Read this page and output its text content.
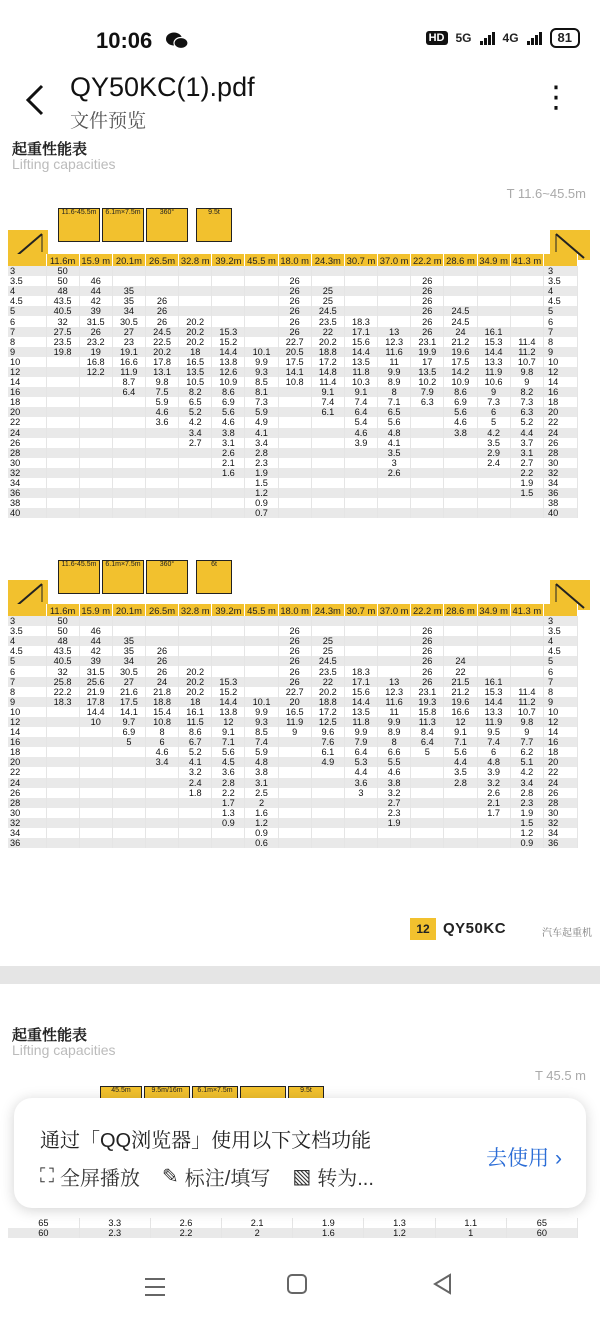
10:06	HD 5G	4G	81
QY50KC(1).pdf
文件预览
⋮
起重性能表
Lifting capacities
T 11.6~45.5m
11.6-45.5m	6.1m×7.5m	360°	9.5t
	11.6m	15.9 m	20.1m	26.5m	32.8 m	39.2m	45.5 m	18.0 m	24.3m	30.7 m	37.0 m	22.2 m	28.6 m	34.9 m	41.3 m	
3	50															3
3.5	50	46						26				26				3.5
4	48	44	35					26	25			26				4
4.5	43.5	42	35	26				26	25			26				4.5
5	40.5	39	34	26				26	24.5			26	24.5			5
6	32	31.5	30.5	26	20.2			26	23.5	18.3		26	24.5			6
7	27.5	26	27	24.5	20.2	15.3		26	22	17.1	13	26	24	16.1		7
8	23.5	23.2	23	22.5	20.2	15.2		22.7	20.2	15.6	12.3	23.1	21.2	15.3	11.4	8
9	19.8	19	19.1	20.2	18	14.4	10.1	20.5	18.8	14.4	11.6	19.9	19.6	14.4	11.2	9
10		16.8	16.6	17.8	16.5	13.8	9.9	17.5	17.2	13.5	11	17	17.5	13.3	10.7	10
12		12.2	11.9	13.1	13.5	12.6	9.3	14.1	14.8	11.8	9.9	13.5	14.2	11.9	9.8	12
14			8.7	9.8	10.5	10.9	8.5	10.8	11.4	10.3	8.9	10.2	10.9	10.6	9	14
16			6.4	7.5	8.2	8.6	8.1		9.1	9.1	8	7.9	8.6	9	8.2	16
18				5.9	6.5	6.9	7.3		7.4	7.4	7.1	6.3	6.9	7.3	7.3	18
20				4.6	5.2	5.6	5.9		6.1	6.4	6.5		5.6	6	6.3	20
22				3.6	4.2	4.6	4.9			5.4	5.6		4.6	5	5.2	22
24					3.4	3.8	4.1			4.6	4.8		3.8	4.2	4.4	24
26					2.7	3.1	3.4			3.9	4.1			3.5	3.7	26
28						2.6	2.8				3.5			2.9	3.1	28
30						2.1	2.3				3			2.4	2.7	30
32						1.6	1.9				2.6				2.2	32
34							1.5								1.9	34
36							1.2								1.5	36
38							0.9									38
40							0.7									40
11.6-45.5m	6.1m×7.5m	360°	6t
	11.6m	15.9 m	20.1m	26.5m	32.8 m	39.2m	45.5 m	18.0 m	24.3m	30.7 m	37.0 m	22.2 m	28.6 m	34.9 m	41.3 m	
3	50															3
3.5	50	46						26				26				3.5
4	48	44	35					26	25			26				4
4.5	43.5	42	35	26				26	25			26				4.5
5	40.5	39	34	26				26	24.5			26	24			5
6	32	31.5	30.5	26	20.2			26	23.5	18.3		26	22			6
7	25.8	25.6	27	24	20.2	15.3		26	22	17.1	13	26	21.5	16.1		7
8	22.2	21.9	21.6	21.8	20.2	15.2		22.7	20.2	15.6	12.3	23.1	21.2	15.3	11.4	8
9	18.3	17.8	17.5	18.8	18	14.4	10.1	20	18.8	14.4	11.6	19.3	19.6	14.4	11.2	9
10		14.4	14.1	15.4	16.1	13.8	9.9	16.5	17.2	13.5	11	15.8	16.6	13.3	10.7	10
12		10	9.7	10.8	11.5	12	9.3	11.9	12.5	11.8	9.9	11.3	12	11.9	9.8	12
14			6.9	8	8.6	9.1	8.5	9	9.6	9.9	8.9	8.4	9.1	9.5	9	14
16			5	6	6.7	7.1	7.4		7.6	7.9	8	6.4	7.1	7.4	7.7	16
18				4.6	5.2	5.6	5.9		6.1	6.4	6.6	5	5.6	6	6.2	18
20				3.4	4.1	4.5	4.8		4.9	5.3	5.5		4.4	4.8	5.1	20
22					3.2	3.6	3.8			4.4	4.6		3.5	3.9	4.2	22
24					2.4	2.8	3.1			3.6	3.8		2.8	3.2	3.4	24
26					1.8	2.2	2.5			3	3.2			2.6	2.8	26
28						1.7	2				2.7			2.1	2.3	28
30						1.3	1.6				2.3			1.7	1.9	30
32						0.9	1.2				1.9				1.5	32
34							0.9								1.2	34
36							0.6								0.9	36
12 QY50KC	汽车起重机
起重性能表
Lifting capacities
T 45.5 m
45.5m	9.5m/16m	6.1m×7.5m	9.5t
65	3.3	2.6	2.1	1.9	1.3	1.1	65
60	2.3	2.2	2	1.6	1.2	1	60
通过「QQ浏览器」使用以下文档功能
⛶ 全屏播放 ✎ 标注/填写 ▧ 转为...
去使用 ›
